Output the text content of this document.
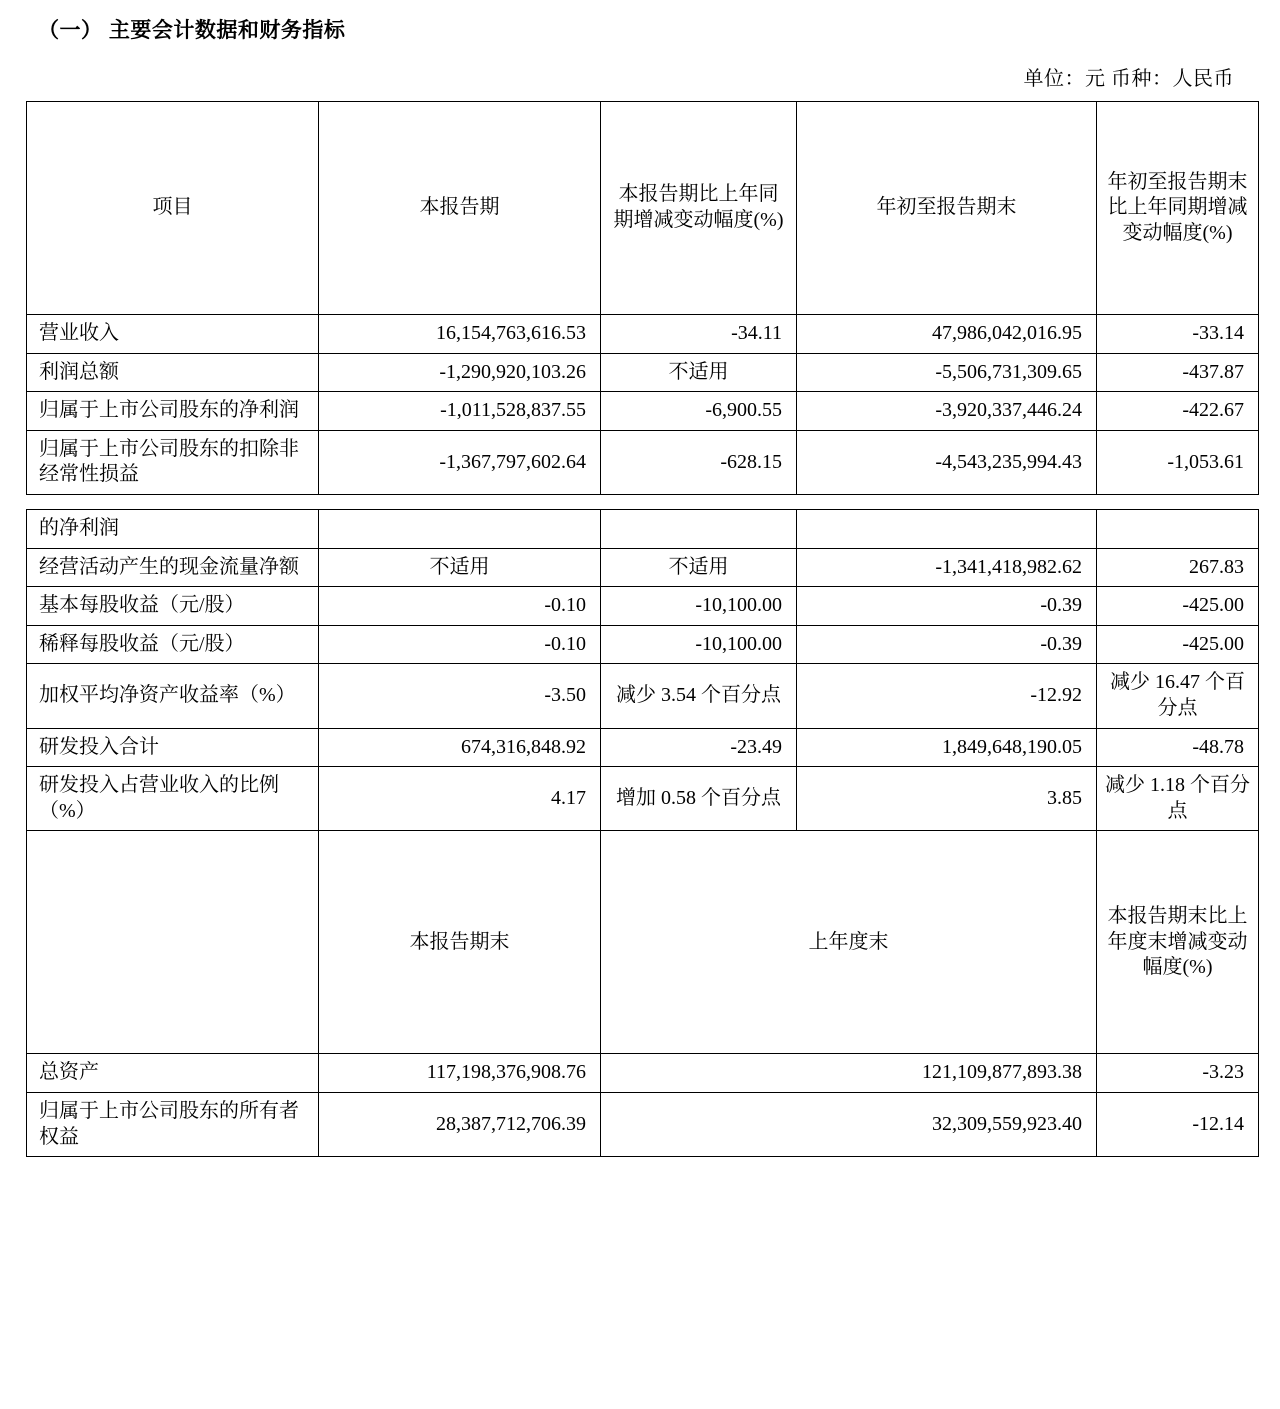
（一） 主要会计数据和财务指标
单位：元 币种：人民币
项目	本报告期	本报告期比上年同期增减变动幅度(%)	年初至报告期末	年初至报告期末比上年同期增减变动幅度(%)
营业收入	16,154,763,616.53	-34.11	47,986,042,016.95	-33.14
利润总额	-1,290,920,103.26	不适用	-5,506,731,309.65	-437.87
归属于上市公司股东的净利润	-1,011,528,837.55	-6,900.55	-3,920,337,446.24	-422.67
归属于上市公司股东的扣除非经常性损益	-1,367,797,602.64	-628.15	-4,543,235,994.43	-1,053.61
的净利润				
经营活动产生的现金流量净额	不适用	不适用	-1,341,418,982.62	267.83
基本每股收益（元/股）	-0.10	-10,100.00	-0.39	-425.00
稀释每股收益（元/股）	-0.10	-10,100.00	-0.39	-425.00
加权平均净资产收益率（%）	-3.50	减少 3.54 个百分点	-12.92	减少 16.47 个百分点
研发投入合计	674,316,848.92	-23.49	1,849,648,190.05	-48.78
研发投入占营业收入的比例（%）	4.17	增加 0.58 个百分点	3.85	减少 1.18 个百分点
	本报告期末	上年度末		本报告期末比上年度末增减变动幅度(%)
总资产	117,198,376,908.76	121,109,877,893.38		-3.23
归属于上市公司股东的所有者权益	28,387,712,706.39	32,309,559,923.40		-12.14
